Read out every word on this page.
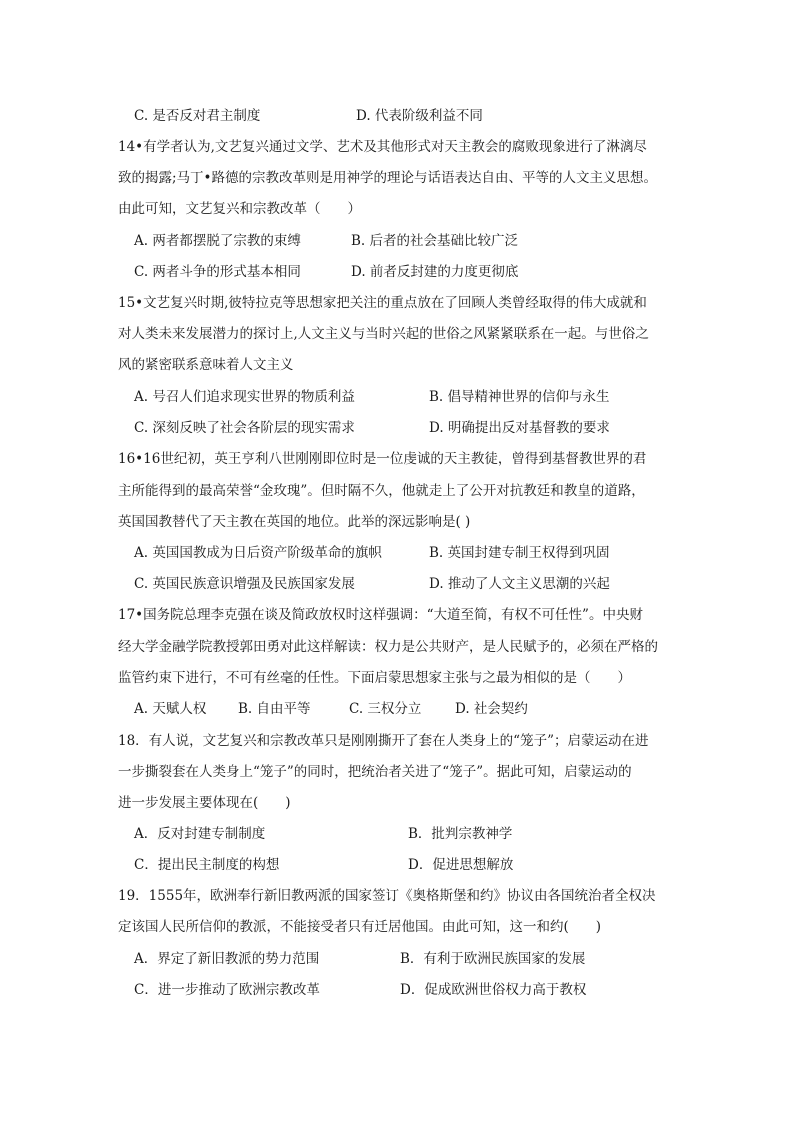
C. 是否反对君主制度	D. 代表阶级利益不同
14•有学者认为,文艺复兴通过文学、艺术及其他形式对天主教会的腐败现象进行了淋漓尽
致的揭露;马丁•路德的宗教改革则是用神学的理论与话语表达自由、平等的人文主义思想。
由此可知，文艺复兴和宗教改革（　　）
A. 两者都摆脱了宗教的束缚	B. 后者的社会基础比较广泛
C. 两者斗争的形式基本相同	D. 前者反封建的力度更彻底
15•文艺复兴时期,彼特拉克等思想家把关注的重点放在了回顾人类曾经取得的伟大成就和
对人类未来发展潜力的探讨上,人文主义与当时兴起的世俗之风紧紧联系在一起。与世俗之
风的紧密联系意味着人文主义
A. 号召人们追求现实世界的物质利益	B. 倡导精神世界的信仰与永生
C. 深刻反映了社会各阶层的现实需求	D. 明确提出反对基督教的要求
16•16世纪初，英王亨利八世刚刚即位时是一位虔诚的天主教徒，曾得到基督教世界的君
主所能得到的最高荣誉“金玫瑰”。但时隔不久，他就走上了公开对抗教廷和教皇的道路，
英国国教替代了天主教在英国的地位。此举的深远影响是( )
A. 英国国教成为日后资产阶级革命的旗帜	B. 英国封建专制王权得到巩固
C. 英国民族意识增强及民族国家发展	D. 推动了人文主义思潮的兴起
17•国务院总理李克强在谈及简政放权时这样强调：“大道至简，有权不可任性”。中央财
经大学金融学院教授郭田勇对此这样解读：权力是公共财产，是人民赋予的，必须在严格的
监管约束下进行，不可有丝毫的任性。下面启蒙思想家主张与之最为相似的是（　　）
A. 天赋人权 B. 自由平等	C. 三权分立 D. 社会契约
18．有人说，文艺复兴和宗教改革只是刚刚撕开了套在人类身上的“笼子”；启蒙运动在进
一步撕裂套在人类身上“笼子”的同时，把统治者关进了“笼子”。据此可知，启蒙运动的
进一步发展主要体现在(　　)
A．反对封建专制制度	B．批判宗教神学
C．提出民主制度的构想	D．促进思想解放
19．1555年，欧洲奉行新旧教两派的国家签订《奥格斯堡和约》协议由各国统治者全权决
定该国人民所信仰的教派，不能接受者只有迁居他国。由此可知，这一和约(　　)
A．界定了新旧教派的势力范围	B．有利于欧洲民族国家的发展
C．进一步推动了欧洲宗教改革	D．促成欧洲世俗权力高于教权
